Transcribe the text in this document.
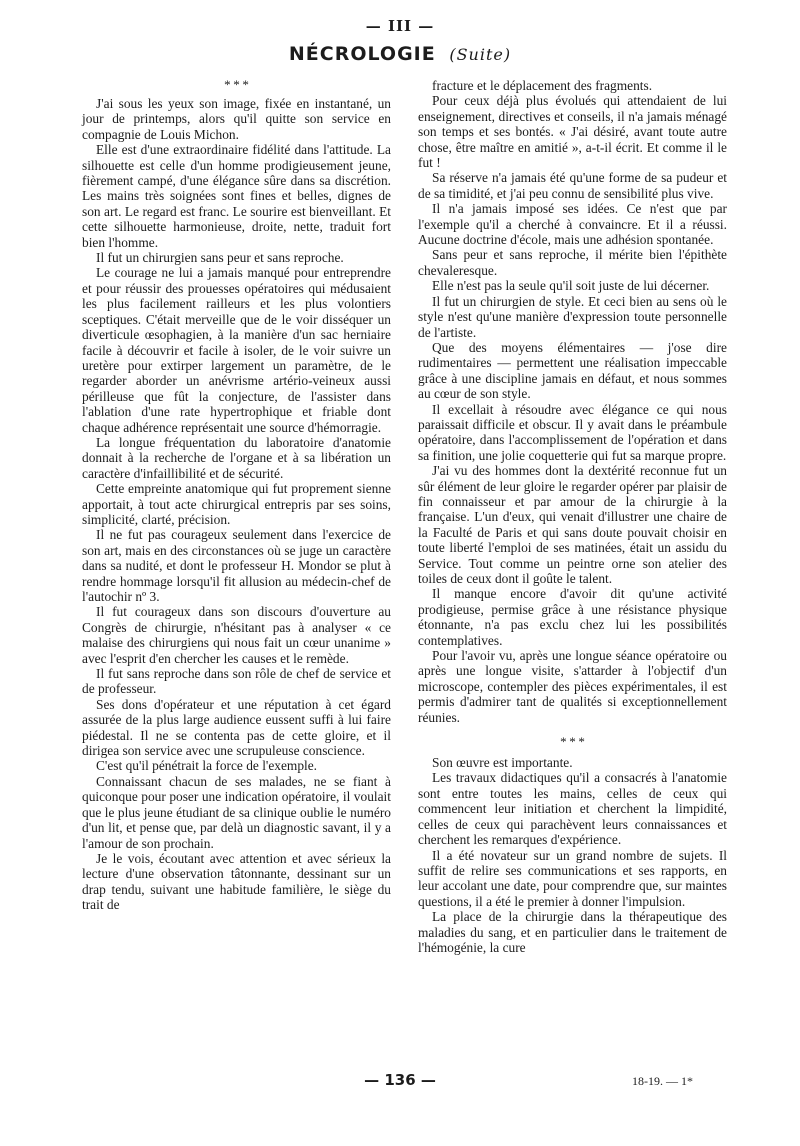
— III —
NÉCROLOGIE (Suite)
* * *

J'ai sous les yeux son image, fixée en instantané, un jour de printemps, alors qu'il quitte son service en compagnie de Louis Michon.

Elle est d'une extraordinaire fidélité dans l'attitude. La silhouette est celle d'un homme prodigieusement jeune, fièrement campé, d'une élégance sûre dans sa discrétion. Les mains très soignées sont fines et belles, dignes de son art. Le regard est franc. Le sourire est bienveillant. Et cette silhouette harmonieuse, droite, nette, traduit fort bien l'homme.

Il fut un chirurgien sans peur et sans reproche.

Le courage ne lui a jamais manqué pour entreprendre et pour réussir des prouesses opératoires qui médusaient les plus facilement railleurs et les plus volontiers sceptiques. C'était merveille que de le voir disséquer un diverticule œsophagien, à la manière d'un sac herniaire facile à découvrir et facile à isoler, de le voir suivre un uretère pour extirper largement un paramètre, de le regarder aborder un anévrisme artério-veineux aussi périlleuse que fût la conjecture, de l'assister dans l'ablation d'une rate hypertrophique et friable dont chaque adhérence représentait une source d'hémorragie.

La longue fréquentation du laboratoire d'anatomie donnait à la recherche de l'organe et à sa libération un caractère d'infaillibilité et de sécurité.

Cette empreinte anatomique qui fut proprement sienne apportait, à tout acte chirurgical entrepris par ses soins, simplicité, clarté, précision.

Il ne fut pas courageux seulement dans l'exercice de son art, mais en des circonstances où se juge un caractère dans sa nudité, et dont le professeur H. Mondor se plut à rendre hommage lorsqu'il fit allusion au médecin-chef de l'autochir nº 3.

Il fut courageux dans son discours d'ouverture au Congrès de chirurgie, n'hésitant pas à analyser « ce malaise des chirurgiens qui nous fait un cœur unanime » avec l'esprit d'en chercher les causes et le remède.

Il fut sans reproche dans son rôle de chef de service et de professeur.

Ses dons d'opérateur et une réputation à cet égard assurée de la plus large audience eussent suffi à lui faire piédestal. Il ne se contenta pas de cette gloire, et il dirigea son service avec une scrupuleuse conscience.

C'est qu'il pénétrait la force de l'exemple.

Connaissant chacun de ses malades, ne se fiant à quiconque pour poser une indication opératoire, il voulait que le plus jeune étudiant de sa clinique oublie le numéro d'un lit, et pense que, par delà un diagnostic savant, il y a l'amour de son prochain.

Je le vois, écoutant avec attention et avec sérieux la lecture d'une observation tâtonnante, dessinant sur un drap tendu, suivant une habitude familière, le siège du trait de

fracture et le déplacement des fragments.

Pour ceux déjà plus évolués qui attendaient de lui enseignement, directives et conseils, il n'a jamais ménagé son temps et ses bontés. « J'ai désiré, avant toute autre chose, être maître en amitié », a-t-il écrit. Et comme il le fut !

Sa réserve n'a jamais été qu'une forme de sa pudeur et de sa timidité, et j'ai peu connu de sensibilité plus vive.

Il n'a jamais imposé ses idées. Ce n'est que par l'exemple qu'il a cherché à convaincre. Et il a réussi. Aucune doctrine d'école, mais une adhésion spontanée.

Sans peur et sans reproche, il mérite bien l'épithète chevaleresque.

Elle n'est pas la seule qu'il soit juste de lui décerner.

Il fut un chirurgien de style. Et ceci bien au sens où le style n'est qu'une manière d'expression toute personnelle de l'artiste.

Que des moyens élémentaires — j'ose dire rudimentaires — permettent une réalisation impeccable grâce à une discipline jamais en défaut, et nous sommes au cœur de son style.

Il excellait à résoudre avec élégance ce qui nous paraissait difficile et obscur. Il y avait dans le préambule opératoire, dans l'accomplissement de l'opération et dans sa finition, une jolie coquetterie qui fut sa marque propre.

J'ai vu des hommes dont la dextérité reconnue fut un sûr élément de leur gloire le regarder opérer par plaisir de fin connaisseur et par amour de la chirurgie à la française. L'un d'eux, qui venait d'illustrer une chaire de la Faculté de Paris et qui sans doute pouvait choisir en toute liberté l'emploi de ses matinées, était un assidu du Service. Tout comme un peintre orne son atelier des toiles de ceux dont il goûte le talent.

Il manque encore d'avoir dit qu'une activité prodigieuse, permise grâce à une résistance physique étonnante, n'a pas exclu chez lui les possibilités contemplatives.

Pour l'avoir vu, après une longue séance opératoire ou après une longue visite, s'attarder à l'objectif d'un microscope, contempler des pièces expérimentales, il est permis d'admirer tant de qualités si exceptionnellement réunies.

* * *

Son œuvre est importante.

Les travaux didactiques qu'il a consacrés à l'anatomie sont entre toutes les mains, celles de ceux qui commencent leur initiation et cherchent la limpidité, celles de ceux qui parachèvent leurs connaissances et cherchent les remarques d'expérience.

Il a été novateur sur un grand nombre de sujets. Il suffit de relire ses communications et ses rapports, en leur accolant une date, pour comprendre que, sur maintes questions, il a été le premier à donner l'impulsion.

La place de la chirurgie dans la thérapeutique des maladies du sang, et en particulier dans le traitement de l'hémogénie, la cure

— 136 —	18-19. — 1*
